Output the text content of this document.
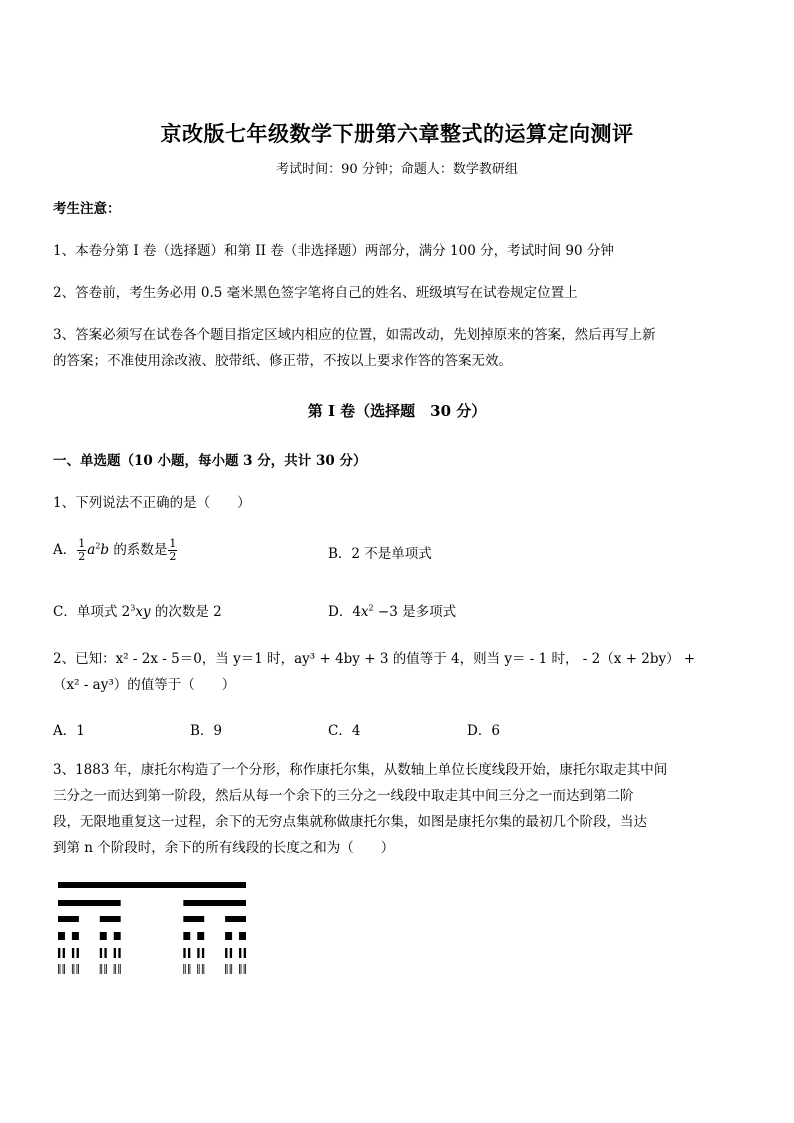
京改版七年级数学下册第六章整式的运算定向测评
考试时间：90 分钟；命题人：数学教研组
考生注意：
1、本卷分第 I 卷（选择题）和第 II 卷（非选择题）两部分，满分 100 分，考试时间 90 分钟
2、答卷前，考生务必用 0.5 毫米黑色签字笔将自己的姓名、班级填写在试卷规定位置上
3、答案必须写在试卷各个题目指定区域内相应的位置，如需改动，先划掉原来的答案，然后再写上新
的答案；不准使用涂改液、胶带纸、修正带，不按以上要求作答的答案无效。
第 I 卷（选择题　30 分）
一、单选题（10 小题，每小题 3 分，共计 30 分）
1、下列说法不正确的是（　　）
A． $\frac{1}{2} a^2b$ 的系数是 $\frac{1}{2}$	B．2 不是单项式
C．单项式 $2^3xy$ 的次数是 2	D．$4x^2 -3$ 是多项式
2、已知：x² - 2x - 5＝0，当 y＝1 时，ay³ + 4by + 3 的值等于 4，则当 y＝ - 1 时， - 2（x + 2by） +
（x² - ay³）的值等于（　　）
A．1	B．9	C．4	D．6
3、1883 年，康托尔构造了一个分形，称作康托尔集，从数轴上单位长度线段开始，康托尔取走其中间
三分之一而达到第一阶段，然后从每一个余下的三分之一线段中取走其中间三分之一而达到第二阶
段，无限地重复这一过程，余下的无穷点集就称做康托尔集，如图是康托尔集的最初几个阶段，当达
到第 n 个阶段时，余下的所有线段的长度之和为（　　）
